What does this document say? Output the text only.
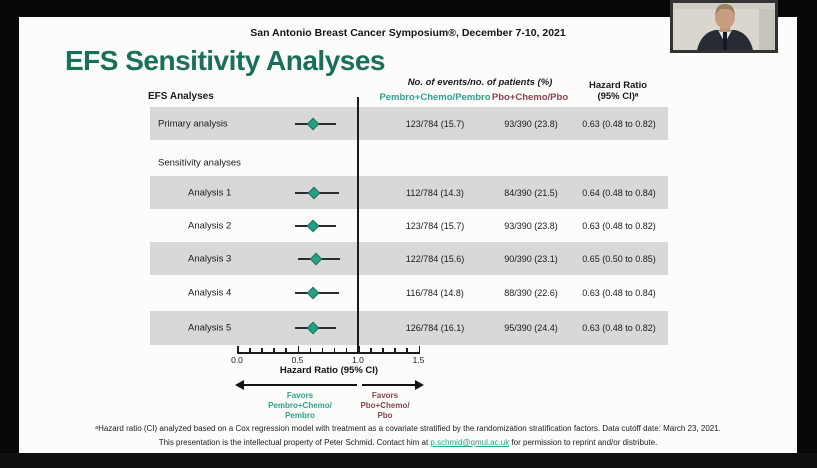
San Antonio Breast Cancer Symposium®, December 7-10, 2021
EFS Sensitivity Analyses
EFS Analyses
No. of events/no. of patients (%)
Pembro+Chemo/Pembro Pbo+Chemo/Pbo
Hazard Ratio
(95% CI)ᵃ
Primary analysis	123/784 (15.7)	93/390 (23.8)	0.63 (0.48 to 0.82)
Sensitivity analyses
Analysis 1	112/784 (14.3)	84/390 (21.5)	0.64 (0.48 to 0.84)
Analysis 2	123/784 (15.7)	93/390 (23.8)	0.63 (0.48 to 0.82)
Analysis 3	122/784 (15.6)	90/390 (23.1)	0.65 (0.50 to 0.85)
Analysis 4	116/784 (14.8)	88/390 (22.6)	0.63 (0.48 to 0.84)
Analysis 5	126/784 (16.1)	95/390 (24.4)	0.63 (0.48 to 0.82)
0.0	0.5	1.0	1.5
Hazard Ratio (95% CI)
Favors
Pembro+Chemo/
Pembro
Favors
Pbo+Chemo/
Pbo
ᵃHazard ratio (CI) analyzed based on a Cox regression model with treatment as a covariate stratified by the randomization stratification factors. Data cutoff date: March 23, 2021.
This presentation is the intellectual property of Peter Schmid. Contact him at p.schmid@qmul.ac.uk for permission to reprint and/or distribute.
